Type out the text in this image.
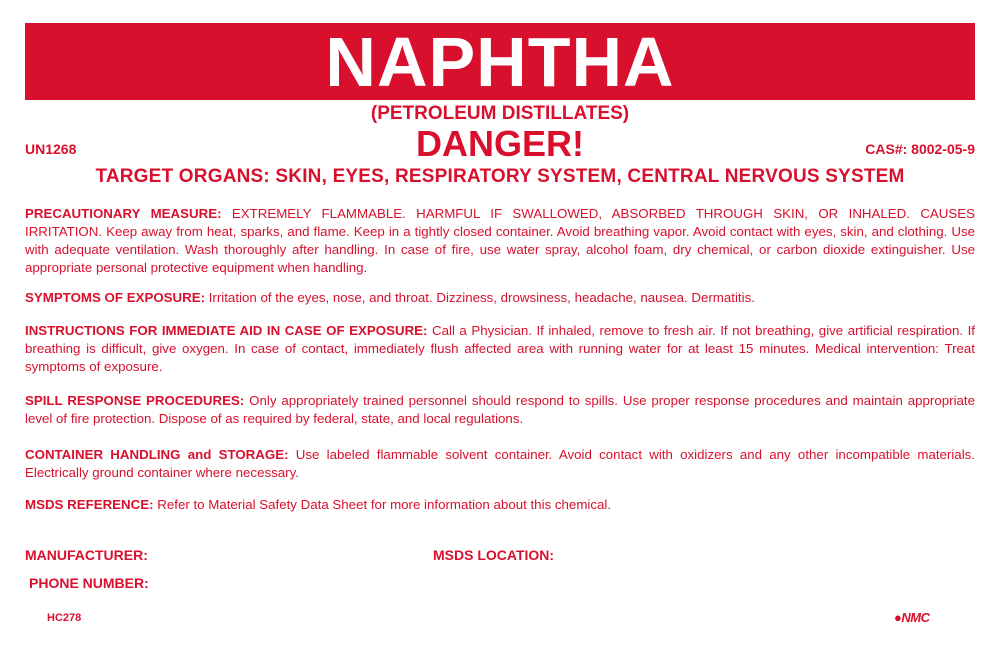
NAPHTHA
(PETROLEUM DISTILLATES)
UN1268	DANGER!	CAS#: 8002-05-9
TARGET ORGANS: SKIN, EYES, RESPIRATORY SYSTEM, CENTRAL NERVOUS SYSTEM
PRECAUTIONARY MEASURE: EXTREMELY FLAMMABLE. HARMFUL IF SWALLOWED, ABSORBED THROUGH SKIN, OR INHALED. CAUSES IRRITATION. Keep away from heat, sparks, and flame. Keep in a tightly closed container. Avoid breathing vapor. Avoid contact with eyes, skin, and clothing. Use with adequate ventilation. Wash thoroughly after handling. In case of fire, use water spray, alcohol foam, dry chemical, or carbon dioxide extinguisher. Use appropriate personal protective equipment when handling.
SYMPTOMS OF EXPOSURE: Irritation of the eyes, nose, and throat. Dizziness, drowsiness, headache, nausea. Dermatitis.
INSTRUCTIONS FOR IMMEDIATE AID IN CASE OF EXPOSURE: Call a Physician. If inhaled, remove to fresh air. If not breathing, give artificial respiration. If breathing is difficult, give oxygen. In case of contact, immediately flush affected area with running water for at least 15 minutes. Medical intervention: Treat symptoms of exposure.
SPILL RESPONSE PROCEDURES: Only appropriately trained personnel should respond to spills. Use proper response procedures and maintain appropriate level of fire protection. Dispose of as required by federal, state, and local regulations.
CONTAINER HANDLING and STORAGE: Use labeled flammable solvent container. Avoid contact with oxidizers and any other incompatible materials. Electrically ground container where necessary.
MSDS REFERENCE: Refer to Material Safety Data Sheet for more information about this chemical.
MANUFACTURER:	MSDS LOCATION:
PHONE NUMBER:
HC278	●NMC
